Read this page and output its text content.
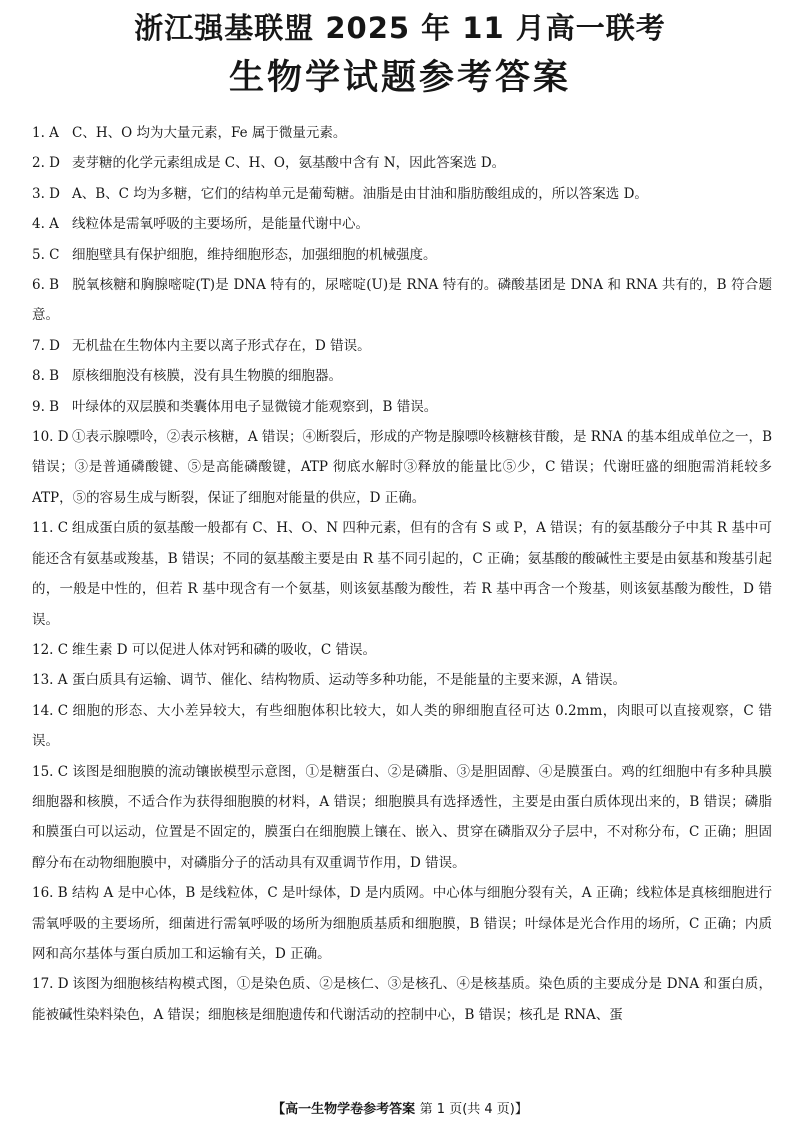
浙江强基联盟 2025 年 11 月高一联考
生物学试题参考答案

1. A C、H、O 均为大量元素，Fe 属于微量元素。

2. D 麦芽糖的化学元素组成是 C、H、O，氨基酸中含有 N，因此答案选 D。

3. D A、B、C 均为多糖，它们的结构单元是葡萄糖。油脂是由甘油和脂肪酸组成的，所以答案选 D。

4. A 线粒体是需氧呼吸的主要场所，是能量代谢中心。

5. C 细胞壁具有保护细胞，维持细胞形态，加强细胞的机械强度。

6. B 脱氧核糖和胸腺嘧啶(T)是 DNA 特有的，尿嘧啶(U)是 RNA 特有的。磷酸基团是 DNA 和 RNA 共有的，B 符合题意。

7. D 无机盐在生物体内主要以离子形式存在，D 错误。

8. B 原核细胞没有核膜，没有具生物膜的细胞器。

9. B 叶绿体的双层膜和类囊体用电子显微镜才能观察到，B 错误。

10. D ①表示腺嘌呤，②表示核糖，A 错误；④断裂后，形成的产物是腺嘌呤核糖核苷酸，是 RNA 的基本组成单位之一，B 错误；③是普通磷酸键、⑤是高能磷酸键，ATP 彻底水解时③释放的能量比⑤少，C 错误；代谢旺盛的细胞需消耗较多 ATP，⑤的容易生成与断裂，保证了细胞对能量的供应，D 正确。

11. C 组成蛋白质的氨基酸一般都有 C、H、O、N 四种元素，但有的含有 S 或 P，A 错误；有的氨基酸分子中其 R 基中可能还含有氨基或羧基，B 错误；不同的氨基酸主要是由 R 基不同引起的，C 正确；氨基酸的酸碱性主要是由氨基和羧基引起的，一般是中性的，但若 R 基中现含有一个氨基，则该氨基酸为酸性，若 R 基中再含一个羧基，则该氨基酸为酸性，D 错误。

12. C 维生素 D 可以促进人体对钙和磷的吸收，C 错误。

13. A 蛋白质具有运输、调节、催化、结构物质、运动等多种功能，不是能量的主要来源，A 错误。

14. C 细胞的形态、大小差异较大，有些细胞体积比较大，如人类的卵细胞直径可达 0.2mm，肉眼可以直接观察，C 错误。

15. C 该图是细胞膜的流动镶嵌模型示意图，①是糖蛋白、②是磷脂、③是胆固醇、④是膜蛋白。鸡的红细胞中有多种具膜细胞器和核膜，不适合作为获得细胞膜的材料，A 错误；细胞膜具有选择透性，主要是由蛋白质体现出来的，B 错误；磷脂和膜蛋白可以运动，位置是不固定的，膜蛋白在细胞膜上镶在、嵌入、贯穿在磷脂双分子层中，不对称分布，C 正确；胆固醇分布在动物细胞膜中，对磷脂分子的活动具有双重调节作用，D 错误。

16. B 结构 A 是中心体，B 是线粒体，C 是叶绿体，D 是内质网。中心体与细胞分裂有关，A 正确；线粒体是真核细胞进行需氧呼吸的主要场所，细菌进行需氧呼吸的场所为细胞质基质和细胞膜，B 错误；叶绿体是光合作用的场所，C 正确；内质网和高尔基体与蛋白质加工和运输有关，D 正确。

17. D 该图为细胞核结构模式图，①是染色质、②是核仁、③是核孔、④是核基质。染色质的主要成分是 DNA 和蛋白质，能被碱性染料染色，A 错误；细胞核是细胞遗传和代谢活动的控制中心，B 错误；核孔是 RNA、蛋

【高一生物学卷参考答案 第 1 页(共 4 页)】
